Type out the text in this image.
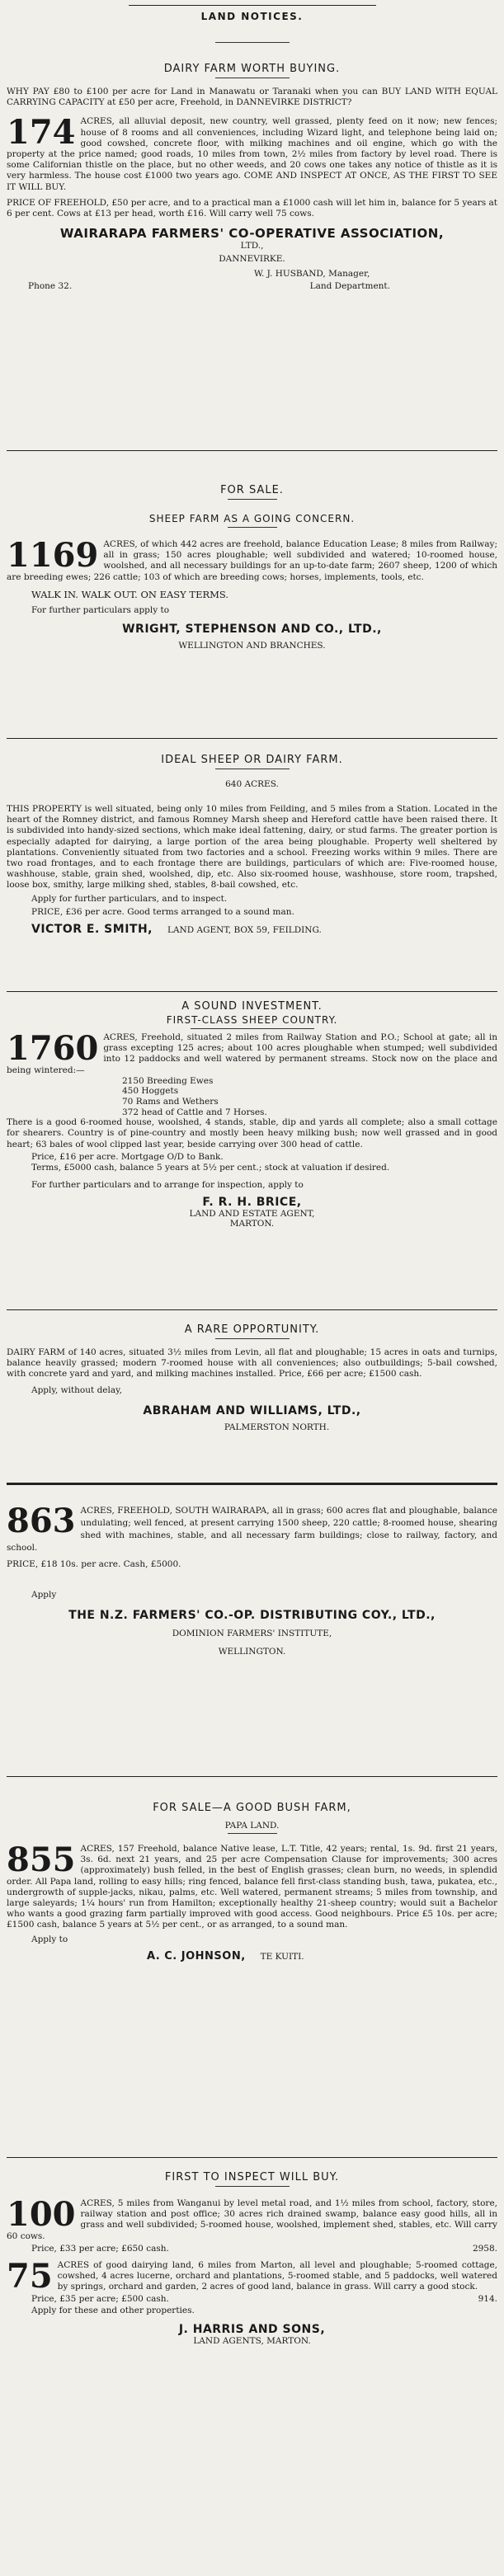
LAND NOTICES.

DAIRY FARM WORTH BUYING.

WHY PAY £80 to £100 per acre for Land in Manawatu or Taranaki when you can BUY LAND WITH EQUAL CARRYING CAPACITY at £50 per acre, Freehold, in DANNEVIRKE DISTRICT?

174 ACRES, all alluvial deposit, new country, well grassed, plenty feed on it now; new fences; house of 8 rooms and all conveniences, including Wizard light, and telephone being laid on; good cowshed, concrete floor, with milking machines and oil engine, which go with the property at the price named; good roads, 10 miles from town, 2½ miles from factory by level road. There is some Californian thistle on the place, but no other weeds, and 20 cows one takes any notice of thistle as it is very harmless. The house cost £1000 two years ago. COME AND INSPECT AT ONCE, AS THE FIRST TO SEE IT WILL BUY.

PRICE OF FREEHOLD, £50 per acre, and to a practical man a £1000 cash will let him in, balance for 5 years at 6 per cent. Cows at £13 per head, worth £16. Will carry well 75 cows.

WAIRARAPA FARMERS' CO-OPERATIVE ASSOCIATION,

LTD.,

DANNEVIRKE.

W. J. HUSBAND, Manager,

Phone 32.	Land Department.

FOR SALE.

SHEEP FARM AS A GOING CONCERN.

1169 ACRES, of which 442 acres are freehold, balance Education Lease; 8 miles from Railway; all in grass; 150 acres ploughable; well subdivided and watered; 10-roomed house, woolshed, and all necessary buildings for an up-to-date farm; 2607 sheep, 1200 of which are breeding ewes; 226 cattle; 103 of which are breeding cows; horses, implements, tools, etc.

WALK IN. WALK OUT. ON EASY TERMS.

For further particulars apply to

WRIGHT, STEPHENSON AND CO., LTD.,

WELLINGTON AND BRANCHES.

IDEAL SHEEP OR DAIRY FARM.

640 ACRES.

THIS PROPERTY is well situated, being only 10 miles from Feilding, and 5 miles from a Station. Located in the heart of the Romney district, and famous Romney Marsh sheep and Hereford cattle have been raised there. It is subdivided into handy-sized sections, which make ideal fattening, dairy, or stud farms. The greater portion is especially adapted for dairying, a large portion of the area being ploughable. Property well sheltered by plantations. Conveniently situated from two factories and a school. Freezing works within 9 miles. There are two road frontages, and to each frontage there are buildings, particulars of which are: Five-roomed house, washhouse, stable, grain shed, woolshed, dip, etc. Also six-roomed house, washhouse, store room, trapshed, loose box, smithy, large milking shed, stables, 8-bail cowshed, etc.

Apply for further particulars, and to inspect.

PRICE, £36 per acre. Good terms arranged to a sound man.

VICTOR E. SMITH, LAND AGENT, BOX 59, FEILDING.

A SOUND INVESTMENT.

FIRST-CLASS SHEEP COUNTRY.

1760 ACRES, Freehold, situated 2 miles from Railway Station and P.O.; School at gate; all in grass excepting 125 acres; about 100 acres ploughable when stumped; well subdivided into 12 paddocks and well watered by permanent streams. Stock now on the place and being wintered:—

2150 Breeding Ewes

450 Hoggets

70 Rams and Wethers

372 head of Cattle and 7 Horses.

There is a good 6-roomed house, woolshed, 4 stands, stable, dip and yards all complete; also a small cottage for shearers. Country is of pine-country and mostly been heavy milking bush; now well grassed and in good heart; 63 bales of wool clipped last year, beside carrying over 300 head of cattle.

Price, £16 per acre. Mortgage O/D to Bank.

Terms, £5000 cash, balance 5 years at 5½ per cent.; stock at valuation if desired.

For further particulars and to arrange for inspection, apply to

F. R. H. BRICE,

LAND AND ESTATE AGENT,

MARTON.

A RARE OPPORTUNITY.

DAIRY FARM of 140 acres, situated 3½ miles from Levin, all flat and ploughable; 15 acres in oats and turnips, balance heavily grassed; modern 7-roomed house with all conveniences; also outbuildings; 5-bail cowshed, with concrete yard and yard, and milking machines installed. Price, £66 per acre; £1500 cash.

Apply, without delay,

ABRAHAM AND WILLIAMS, LTD.,

PALMERSTON NORTH.

863 ACRES, FREEHOLD, SOUTH WAIRARAPA, all in grass; 600 acres flat and ploughable, balance undulating; well fenced, at present carrying 1500 sheep, 220 cattle; 8-roomed house, shearing shed with machines, stable, and all necessary farm buildings; close to railway, factory, and school.

PRICE, £18 10s. per acre. Cash, £5000.

Apply

THE N.Z. FARMERS' CO.-OP. DISTRIBUTING COY., LTD.,

DOMINION FARMERS' INSTITUTE,

WELLINGTON.

FOR SALE—A GOOD BUSH FARM,

PAPA LAND.

855 ACRES, 157 Freehold, balance Native lease, L.T. Title, 42 years; rental, 1s. 9d. first 21 years, 3s. 6d. next 21 years, and 25 per acre Compensation Clause for improvements; 300 acres (approximately) bush felled, in the best of English grasses; clean burn, no weeds, in splendid order. All Papa land, rolling to easy hills; ring fenced, balance fell first-class standing bush, tawa, pukatea, etc., undergrowth of supple-jacks, nikau, palms, etc. Well watered, permanent streams; 5 miles from township, and large saleyards; 1¼ hours' run from Hamilton; exceptionally healthy 21-sheep country; would suit a Bachelor who wants a good grazing farm partially improved with good access. Good neighbours. Price £5 10s. per acre; £1500 cash, balance 5 years at 5½ per cent., or as arranged, to a sound man.

Apply to

A. C. JOHNSON, TE KUITI.

FIRST TO INSPECT WILL BUY.

100 ACRES, 5 miles from Wanganui by level metal road, and 1½ miles from school, factory, store, railway station and post office; 30 acres rich drained swamp, balance easy good hills, all in grass and well subdivided; 5-roomed house, woolshed, implement shed, stables, etc. Will carry 60 cows.

Price, £33 per acre; £650 cash.	2958.
75 ACRES of good dairying land, 6 miles from Marton, all level and ploughable; 5-roomed cottage, cowshed, 4 acres lucerne, orchard and plantations, 5-roomed stable, and 5 paddocks, well watered by springs, orchard and garden, 2 acres of good land, balance in grass. Will carry a good stock.

Price, £35 per acre; £500 cash.	914.

Apply for these and other properties.

J. HARRIS AND SONS,

LAND AGENTS, MARTON.
